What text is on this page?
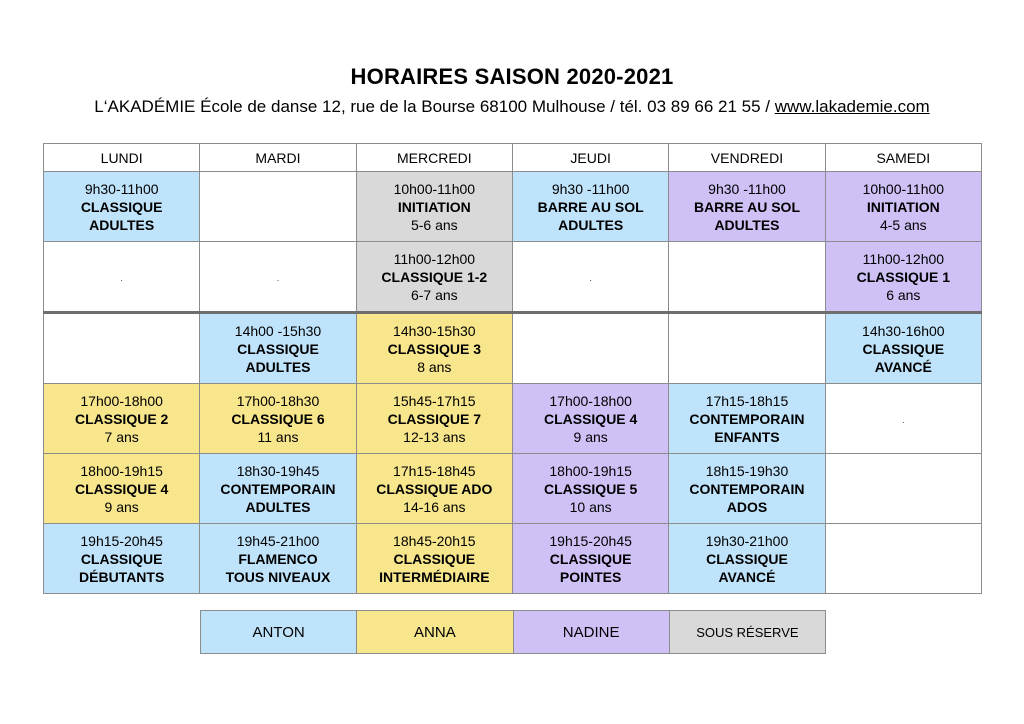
HORAIRES SAISON 2020-2021
L‘AKADÉMIE École de danse 12, rue de la Bourse 68100 Mulhouse / tél. 03 89 66 21 55 / www.lakademie.com
LUNDI	MARDI	MERCREDI	JEUDI	VENDREDI	SAMEDI

9h30-11h00
CLASSIQUE
ADULTES		10h00-11h00
INITIATION
5-6 ans	9h30 -11h00
BARRE AU SOL
ADULTES	9h30 -11h00
BARRE AU SOL
ADULTES	10h00-11h00
INITIATION
4-5 ans

.	.	11h00-12h00
CLASSIQUE 1-2
6-7 ans	.		11h00-12h00
CLASSIQUE 1
6 ans

	14h00 -15h30
CLASSIQUE
ADULTES	14h30-15h30
CLASSIQUE 3
8 ans			14h30-16h00
CLASSIQUE
AVANCÉ

17h00-18h00
CLASSIQUE 2
7 ans	17h00-18h30
CLASSIQUE 6
11 ans	15h45-17h15
CLASSIQUE 7
12-13 ans	17h00-18h00
CLASSIQUE 4
9 ans	17h15-18h15
CONTEMPORAIN
ENFANTS	.

18h00-19h15
CLASSIQUE 4
9 ans	18h30-19h45
CONTEMPORAIN
ADULTES	17h15-18h45
CLASSIQUE ADO
14-16 ans	18h00-19h15
CLASSIQUE 5
10 ans	18h15-19h30
CONTEMPORAIN
ADOS	

19h15-20h45
CLASSIQUE
DÉBUTANTS	19h45-21h00
FLAMENCO
TOUS NIVEAUX	18h45-20h15
CLASSIQUE
INTERMÉDIAIRE	19h15-20h45
CLASSIQUE
POINTES	19h30-21h00
CLASSIQUE
AVANCÉ	

ANTON	ANNA	NADINE	SOUS RÉSERVE
